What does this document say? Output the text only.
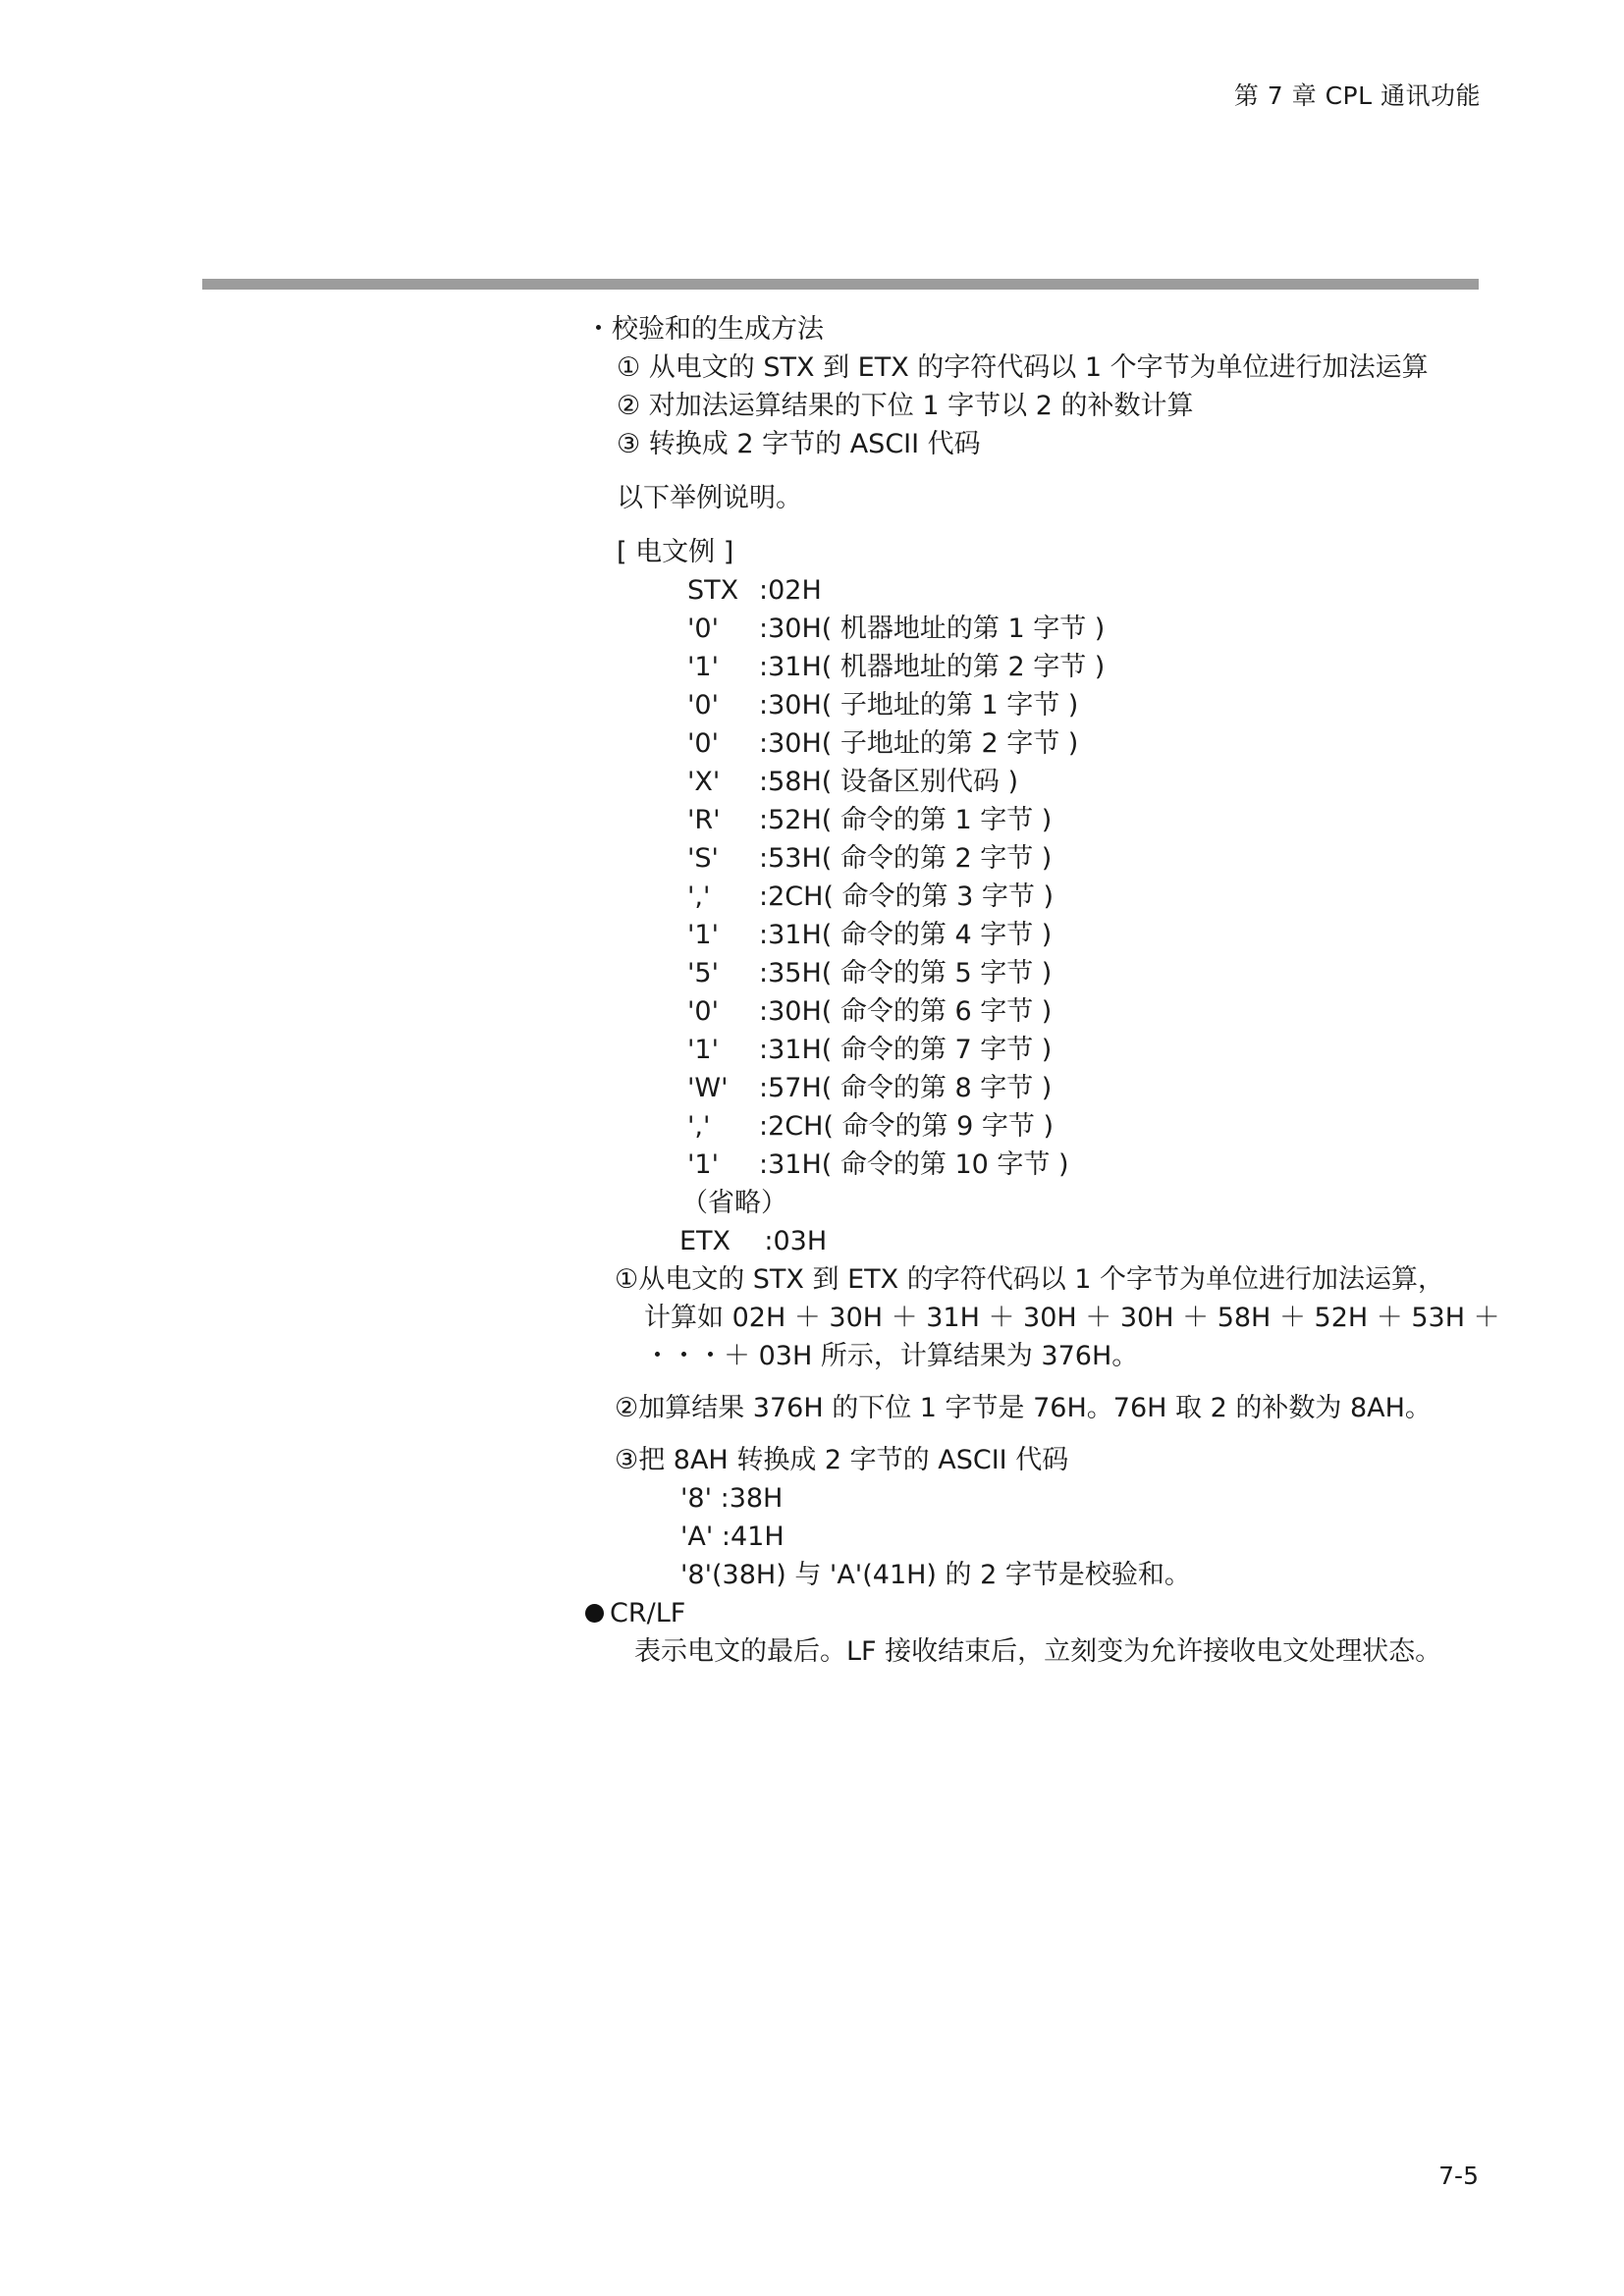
第 7 章 CPL 通讯功能

・校验和的生成方法

① 从电文的 STX 到 ETX 的字符代码以 1 个字节为单位进行加法运算

② 对加法运算结果的下位 1 字节以 2 的补数计算

③ 转换成 2 字节的 ASCII 代码

以下举例说明。

[ 电文例 ]

STX :02H
'0'	:30H( 机器地址的第 1 字节 )
'1'	:31H( 机器地址的第 2 字节 )
'0'	:30H( 子地址的第 1 字节 )
'0'	:30H( 子地址的第 2 字节 )
'X'	:58H( 设备区别代码 )
'R'	:52H( 命令的第 1 字节 )
'S'	:53H( 命令的第 2 字节 )
','	:2CH( 命令的第 3 字节 )
'1'	:31H( 命令的第 4 字节 )
'5'	:35H( 命令的第 5 字节 )
'0'	:30H( 命令的第 6 字节 )
'1'	:31H( 命令的第 7 字节 )
'W'	:57H( 命令的第 8 字节 )
','	:2CH( 命令的第 9 字节 )
'1'	:31H( 命令的第 10 字节 )

（省略）

ETX    :03H

①从电文的 STX 到 ETX 的字符代码以 1 个字节为单位进行加法运算，

计算如 02H ＋ 30H ＋ 31H ＋ 30H ＋ 30H ＋ 58H ＋ 52H ＋ 53H ＋

・・・＋ 03H 所示，计算结果为 376H。

②加算结果 376H 的下位 1 字节是 76H。76H 取 2 的补数为 8AH。

③把 8AH 转换成 2 字节的 ASCII 代码

'8' :38H

'A' :41H

'8'(38H) 与 'A'(41H) 的 2 字节是校验和。

CR/LF

表示电文的最后。LF 接收结束后，立刻变为允许接收电文处理状态。

7-5
